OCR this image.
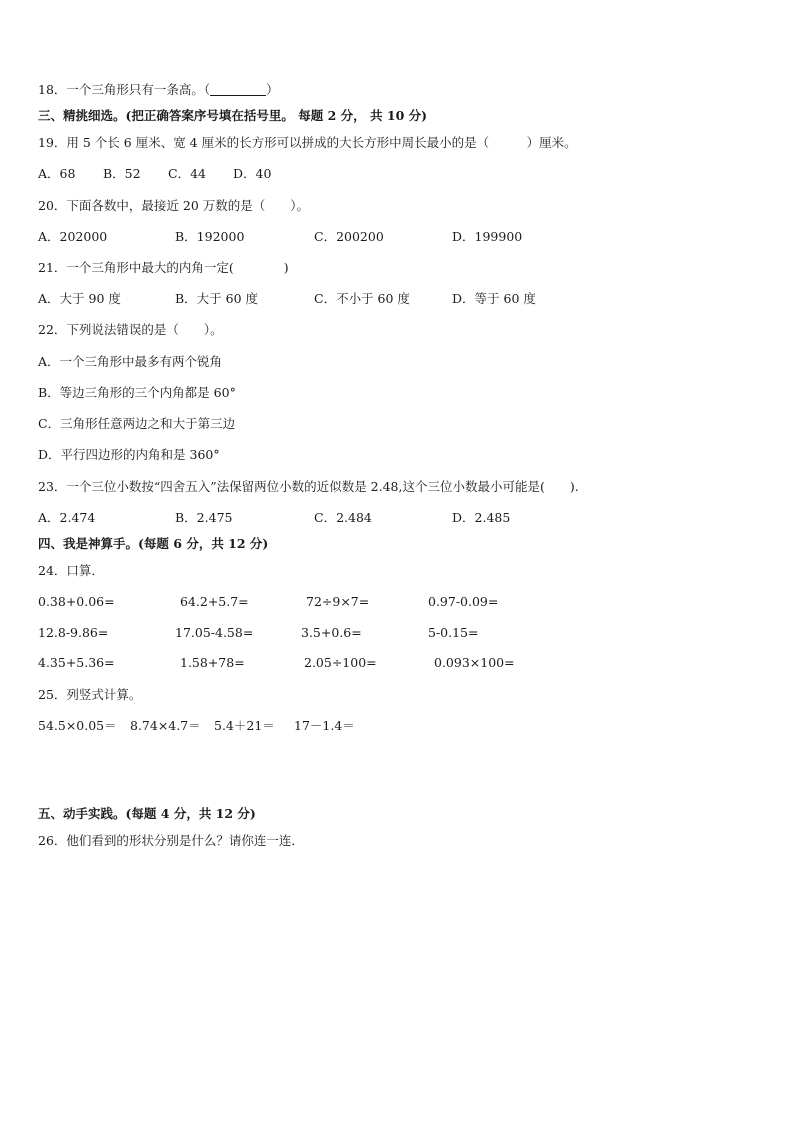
18．一个三角形只有一条高。（	）
三、精挑细选。(把正确答案序号填在括号里。 每题 2 分， 共 10 分)
19．用 5 个长 6 厘米、宽 4 厘米的长方形可以拼成的大长方形中周长最小的是（　　　）厘米。
A．68 B．52 C．44 D．40
20．下面各数中，最接近 20 万数的是（　　）。
A．202000	B．192000	C．200200	D．199900
21．一个三角形中最大的内角一定(　　　　)
A．大于 90 度	B．大于 60 度	C．不小于 60 度	D．等于 60 度
22．下列说法错误的是（　　）。
A．一个三角形中最多有两个锐角
B．等边三角形的三个内角都是 60°
C．三角形任意两边之和大于第三边
D．平行四边形的内角和是 360°
23．一个三位小数按“四舍五入”法保留两位小数的近似数是 2.48,这个三位小数最小可能是(　　).
A．2.474	B．2.475	C．2.484	D．2.485
四、我是神算手。(每题 6 分，共 12 分)
24．口算．
0.38+0.06=	64.2+5.7=	72÷9×7=	0.97-0.09=
12.8-9.86=	17.05-4.58=	3.5+0.6=	5-0.15=
4.35+5.36=	1.58+78=	2.05÷100=	0.093×100=
25．列竖式计算。
54.5×0.05＝ 8.74×4.7＝ 5.4＋21＝ 17－1.4＝
五、动手实践。(每题 4 分，共 12 分)
26．他们看到的形状分别是什么？请你连一连．
